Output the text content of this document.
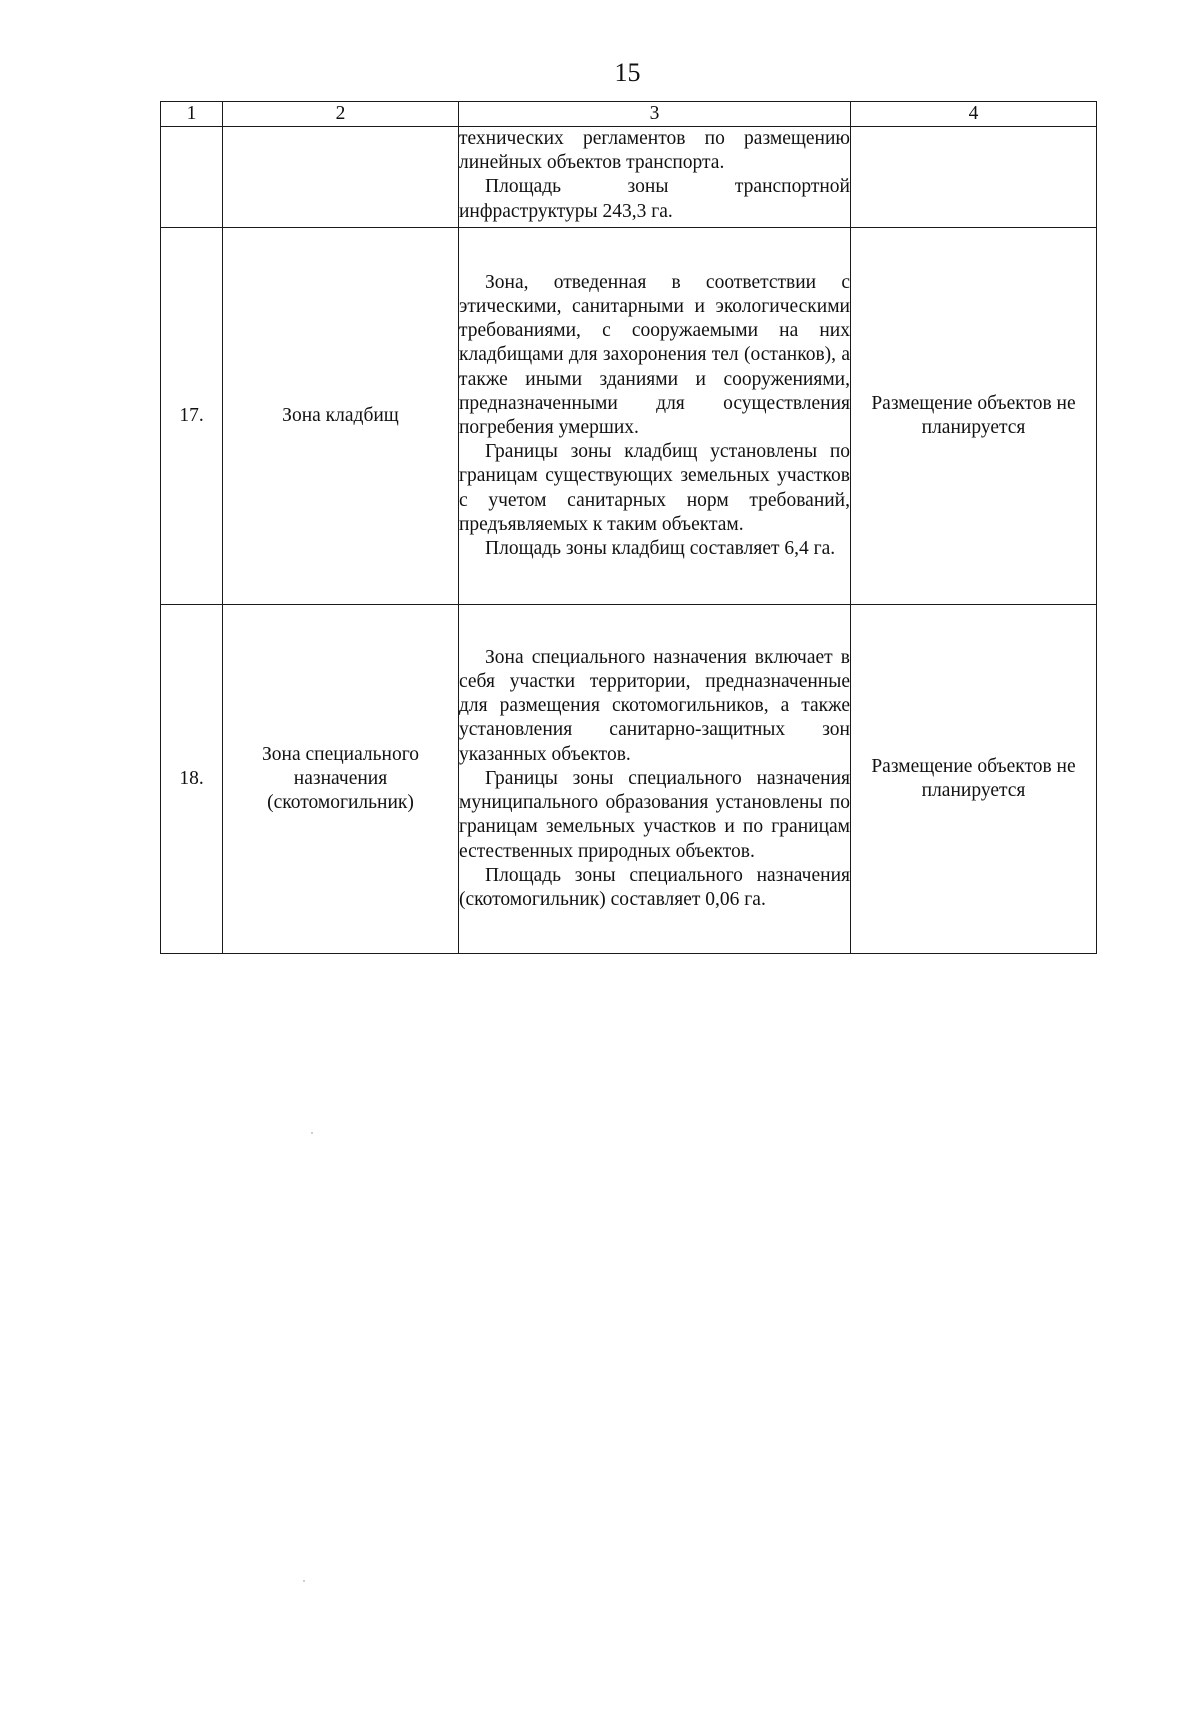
15
1	2	3	4

		технических регламентов по размещению линейных объектов транспорта.

Площадь зоны транспортной инфраструктуры 243,3 га.	

17.	Зона кладбищ	Зона, отведенная в соответствии с этическими, санитарными и экологическими требованиями, с сооружаемыми на них кладбищами для захоронения тел (останков), а также иными зданиями и сооружениями, предназначенными для осуществления погребения умерших.

Границы зоны кладбищ установлены по границам существующих земельных участков с учетом санитарных норм требований, предъявляемых к таким объектам.

Площадь зоны кладбищ составляет 6,4 га.	Размещение объектов не планируется
18.	Зона специального назначения (скотомогильник)	Зона специального назначения включает в себя участки территории, предназначенные для размещения скотомогильников, а также установления санитарно-защитных зон указанных объектов.

Границы зоны специального назначения муниципального образования установлены по границам земельных участков и по границам естественных природных объектов.

Площадь зоны специального назначения (скотомогильник) составляет 0,06 га.	Размещение объектов не планируется
